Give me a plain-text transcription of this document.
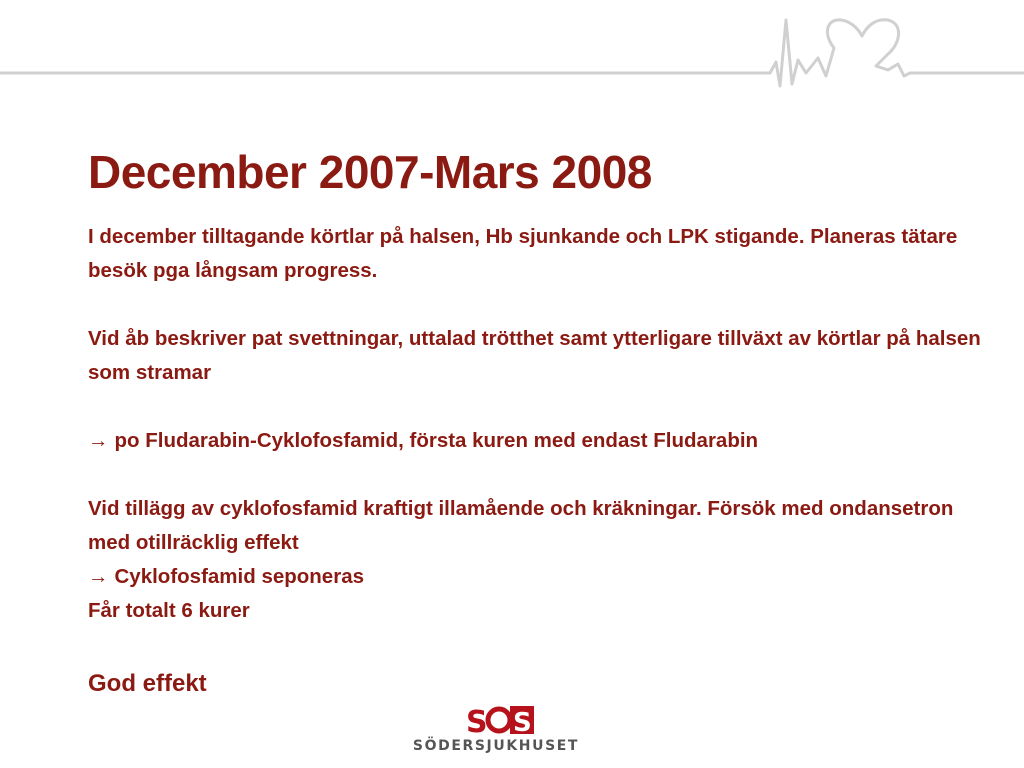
December 2007-Mars 2008

I december tilltagande körtlar på halsen, Hb sjunkande och LPK stigande. Planeras tätare besök pga långsam progress.

Vid åb beskriver pat svettningar, uttalad trötthet samt ytterligare tillväxt av körtlar på halsen som stramar

→ po Fludarabin-Cyklofosfamid, första kuren med endast Fludarabin

Vid tillägg av cyklofosfamid kraftigt illamående och kräkningar. Försök med ondansetron med otillräcklig effekt

→ Cyklofosfamid seponeras

Får totalt 6 kurer

God effekt

S S
SÖDERSJUKHUSET
